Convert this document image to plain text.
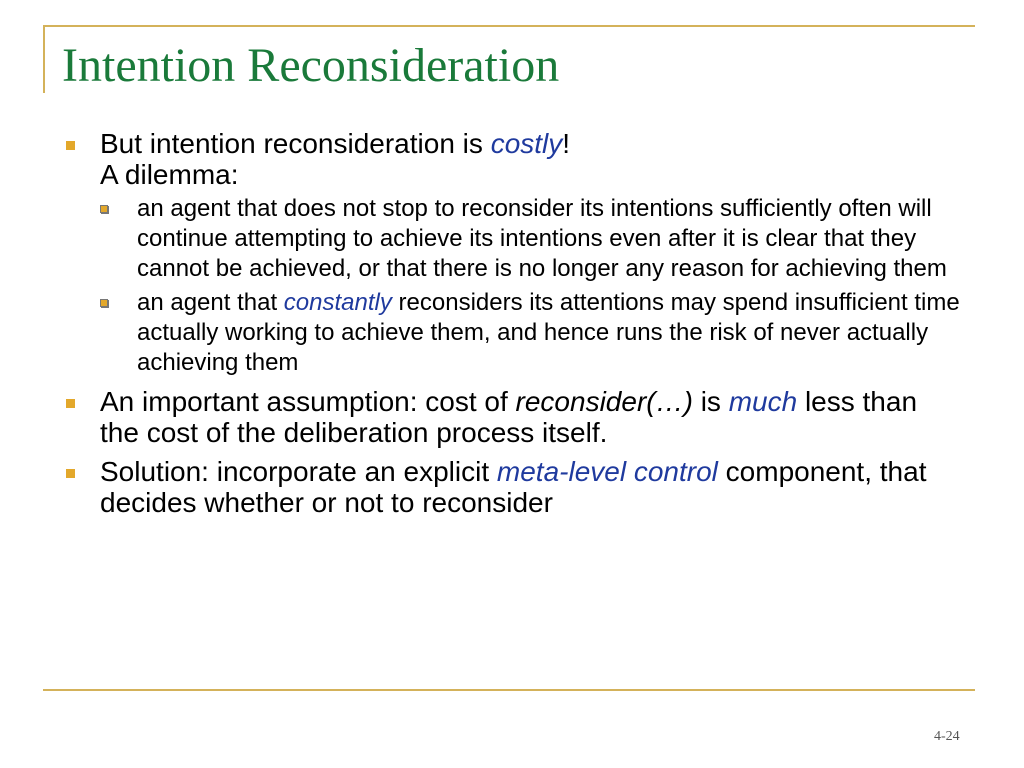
Intention Reconsideration
But intention reconsideration is costly!
A dilemma:
an agent that does not stop to reconsider its intentions sufficiently often will continue attempting to achieve its intentions even after it is clear that they cannot be achieved, or that there is no longer any reason for achieving them
an agent that constantly reconsiders its attentions may spend insufficient time actually working to achieve them, and hence runs the risk of never actually achieving them
An important assumption: cost of reconsider(…) is much less than the cost of the deliberation process itself.
Solution: incorporate an explicit meta-level control component, that decides whether or not to reconsider
4-24
